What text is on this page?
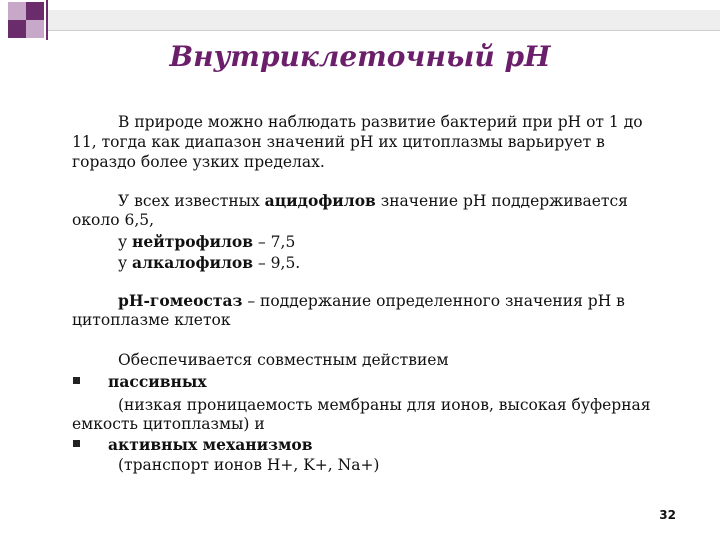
Внутриклеточный pH
В природе можно наблюдать развитие бактерий при pH от 1 до
11, тогда как диапазон значений pH их цитоплазмы варьирует в
гораздо более узких пределах.
У всех известных ацидофилов значение pH поддерживается
около 6,5,
у нейтрофилов – 7,5
у алкалофилов – 9,5.
pH-гомеостаз – поддержание определенного значения pH в
цитоплазме клеток
Обеспечивается совместным действием
пассивных
(низкая проницаемость мембраны для ионов, высокая буферная
емкость цитоплазмы) и
активных механизмов
(транспорт ионов H+, K+, Na+)
32
